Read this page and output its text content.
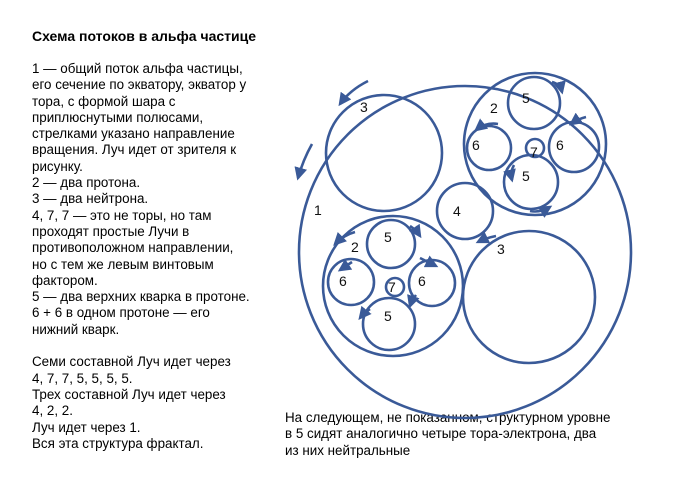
Схема потоков в альфа частице
1 — общий поток альфа частицы,
его сечение по экватору, экватор у
тора, с формой шара с
приплюснутыми полюсами,
стрелками указано направление
вращения. Луч идет от зрителя к
рисунку.
2 — два протона.
3 — два нейтрона.
4, 7, 7 — это не торы, но там
проходят простые Лучи в
противоположном направлении,
но с тем же левым винтовым
фактором.
5 — два верхних кварка в протоне.
6 + 6 в одном протоне — его
нижний кварк.
Семи составной Луч идет через
4, 7, 7, 5, 5, 5, 5.
Трех составной Луч идет через
4, 2, 2.
Луч идет через 1.
Вся эта структура фрактал.
На следующем, не показанном, структурном уровне
в 5 сидят аналогично четыре тора-электрона, два
из них нейтральные
1
3
3
2
2
4
5
5
6	6
7
5
5
6	6
7
